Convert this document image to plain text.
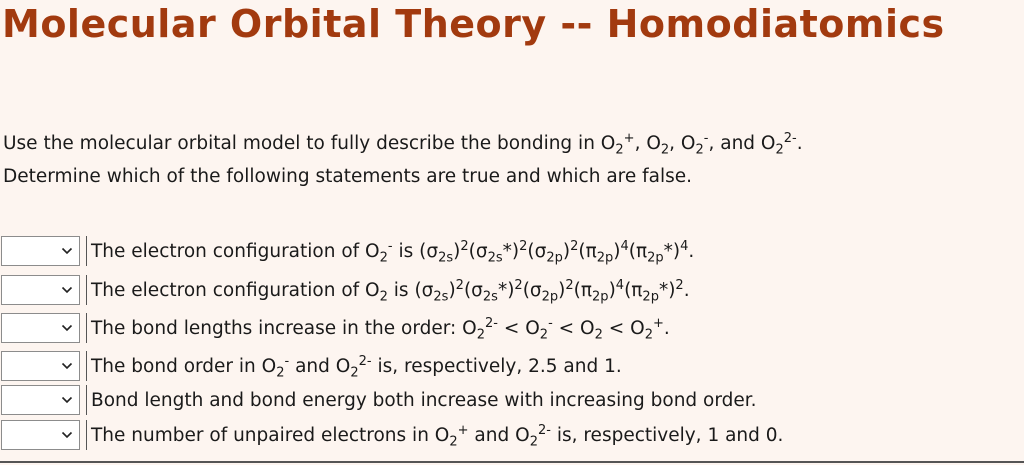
Molecular Orbital Theory -- Homodiatomics

Use the molecular orbital model to fully describe the bonding in $O_2^+$, $O_2$, $O_2^-$, and $O_2^{2-}$.

Determine which of the following statements are true and which are false.

The electron configuration of $O_2^-$ is $(\sigma_{2s})^2(\sigma_{2s}*)^2(\sigma_{2p})^2(\pi_{2p})^4(\pi_{2p}*)^4$.
The electron configuration of $O_2$ is $(\sigma_{2s})^2(\sigma_{2s}*)^2(\sigma_{2p})^2(\pi_{2p})^4(\pi_{2p}*)^2$.
The bond lengths increase in the order: $O_2^{2-} < O_2^- < O_2 < O_2^+$.
The bond order in $O_2^-$ and $O_2^{2-}$ is, respectively, 2.5 and 1.
Bond length and bond energy both increase with increasing bond order.
The number of unpaired electrons in $O_2^+$ and $O_2^{2-}$ is, respectively, 1 and 0.
